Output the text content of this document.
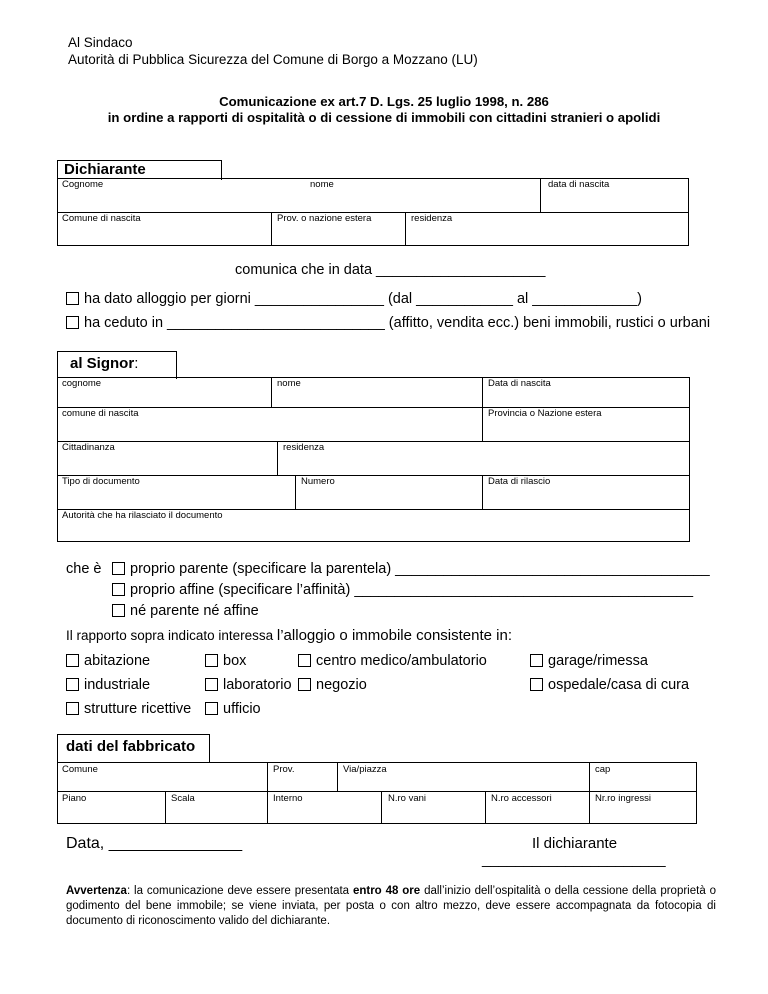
Al Sindaco
Autorità di Pubblica Sicurezza del Comune di Borgo a Mozzano (LU)
Comunicazione ex art.7 D. Lgs. 25 luglio 1998, n. 286
in ordine a rapporti di ospitalità o di cessione di immobili con cittadini stranieri o apolidi
Dichiarante
Cognome	nome	data di nascita
Comune di nascita	Prov. o nazione estera	residenza
comunica che in data _____________________
ha dato alloggio per giorni ________________ (dal ____________ al _____________)
ha ceduto in ___________________________ (affitto, vendita ecc.) beni immobili, rustici o urbani
al Signor:
cognome	nome	Data di nascita
comune di nascita	Provincia o Nazione estera
Cittadinanza	residenza
Tipo di documento	Numero	Data di rilascio
Autorità che ha rilasciato il documento
che è	proprio parente (specificare la parentela) _______________________________________
proprio affine (specificare l’affinità) __________________________________________
né parente né affine
Il rapporto sopra indicato interessa l’alloggio o immobile consistente in:
abitazione	box	centro medico/ambulatorio	garage/rimessa
industriale	laboratorio	negozio	ospedale/casa di cura
strutture ricettive	ufficio
dati del fabbricato
Comune	Prov.	Via/piazza	cap
Piano	Scala	Interno	N.ro vani	N.ro accessori	Nr.ro ingressi
Data, _______________	Il dichiarante
______________________
Avvertenza: la comunicazione deve essere presentata entro 48 ore dall’inizio dell’ospitalità o della cessione della proprietà o godimento del bene immobile; se viene inviata, per posta o con altro mezzo, deve essere accompagnata da fotocopia di documento di riconoscimento valido del dichiarante.
